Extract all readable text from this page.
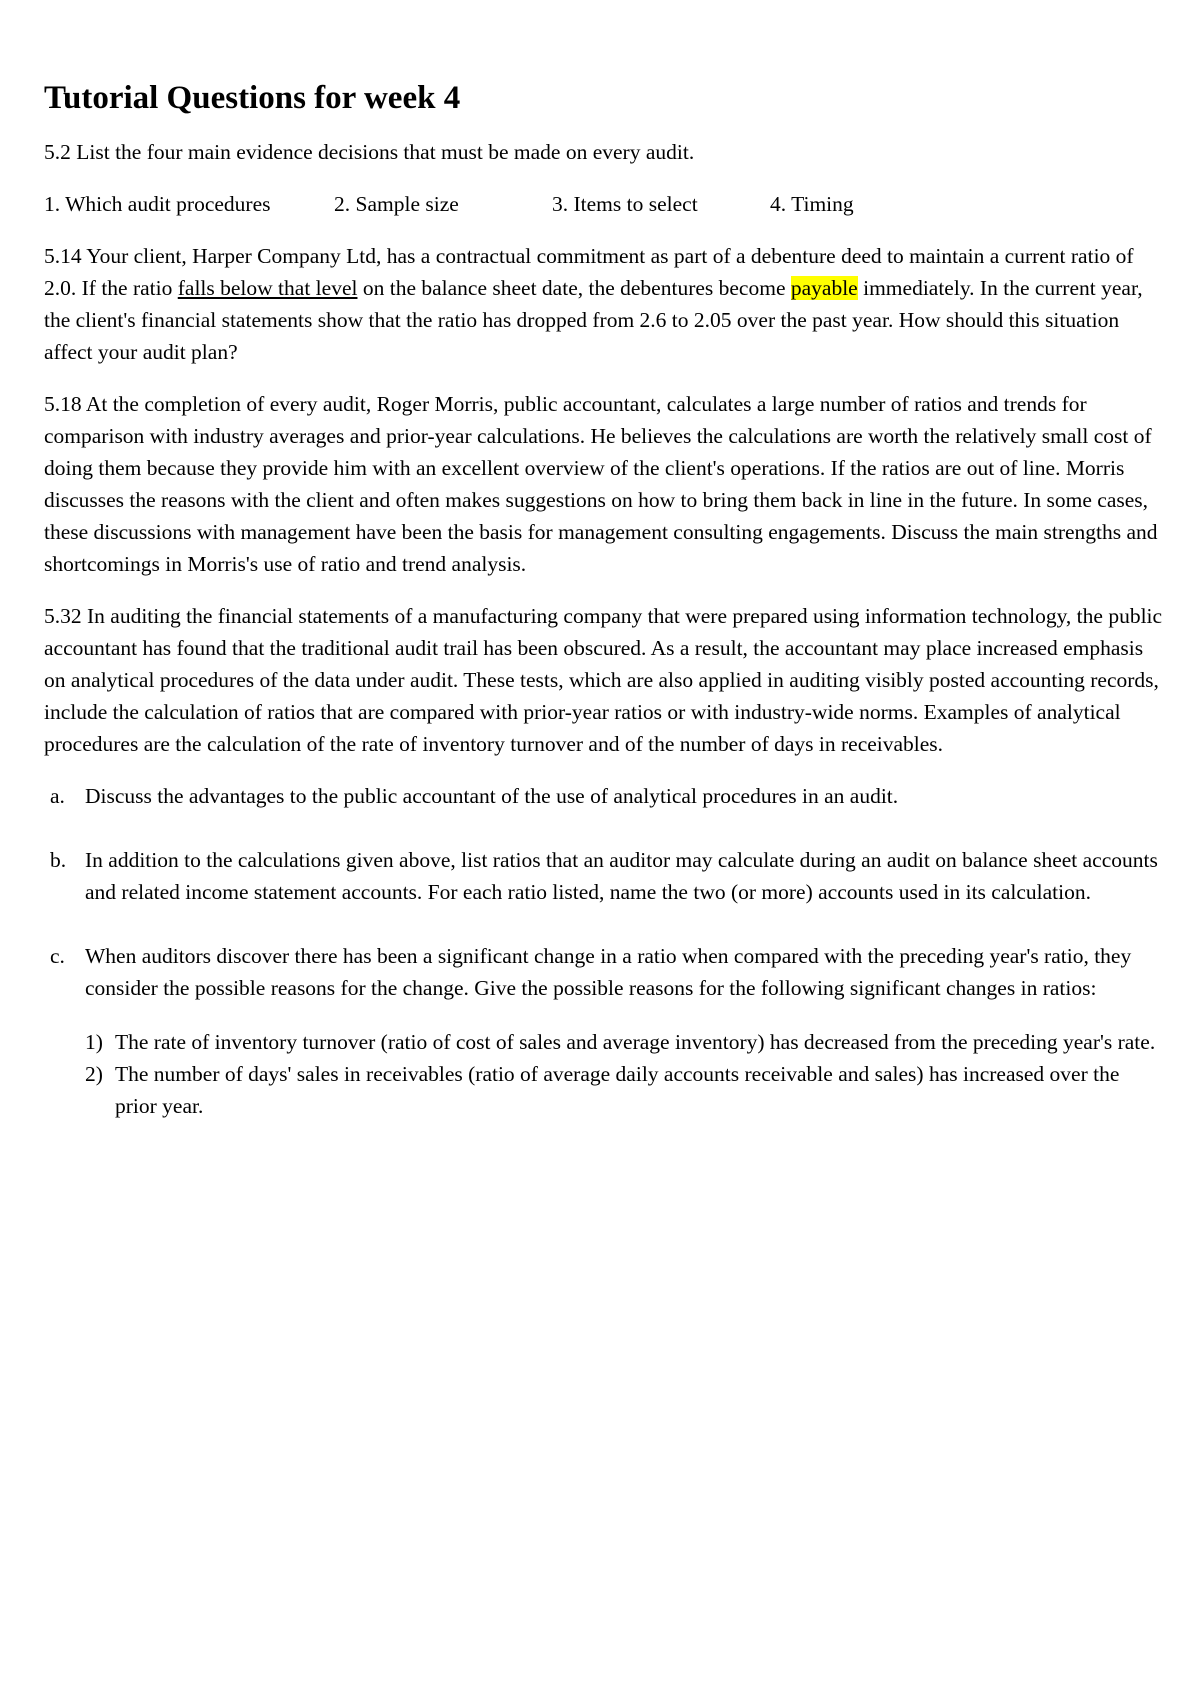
Tutorial Questions for week 4

5.2 List the four main evidence decisions that must be made on every audit.

1. Which audit procedures	2. Sample size	3. Items to select	4. Timing

5.14 Your client, Harper Company Ltd, has a contractual commitment as part of a debenture deed to maintain a current ratio of 2.0. If the ratio falls below that level on the balance sheet date, the debentures become payable immediately. In the current year, the client's financial statements show that the ratio has dropped from 2.6 to 2.05 over the past year. How should this situation affect your audit plan?

5.18 At the completion of every audit, Roger Morris, public accountant, calculates a large number of ratios and trends for comparison with industry averages and prior-year calculations. He believes the calculations are worth the relatively small cost of doing them because they provide him with an excellent overview of the client's operations. If the ratios are out of line. Morris discusses the reasons with the client and often makes suggestions on how to bring them back in line in the future. In some cases, these discussions with management have been the basis for management consulting engagements. Discuss the main strengths and shortcomings in Morris's use of ratio and trend analysis.

5.32 In auditing the financial statements of a manufacturing company that were prepared using information technology, the public accountant has found that the traditional audit trail has been obscured. As a result, the accountant may place increased emphasis on analytical procedures of the data under audit. These tests, which are also applied in auditing visibly posted accounting records, include the calculation of ratios that are compared with prior-year ratios or with industry-wide norms. Examples of analytical procedures are the calculation of the rate of inventory turnover and of the number of days in receivables.

a. Discuss the advantages to the public accountant of the use of analytical procedures in an audit.
b. In addition to the calculations given above, list ratios that an auditor may calculate during an audit on balance sheet accounts and related income statement accounts. For each ratio listed, name the two (or more) accounts used in its calculation.
c. When auditors discover there has been a significant change in a ratio when compared with the preceding year's ratio, they consider the possible reasons for the change. Give the possible reasons for the following significant changes in ratios:
1) The rate of inventory turnover (ratio of cost of sales and average inventory) has decreased from the preceding year's rate.
2) The number of days' sales in receivables (ratio of average daily accounts receivable and sales) has increased over the prior year.
